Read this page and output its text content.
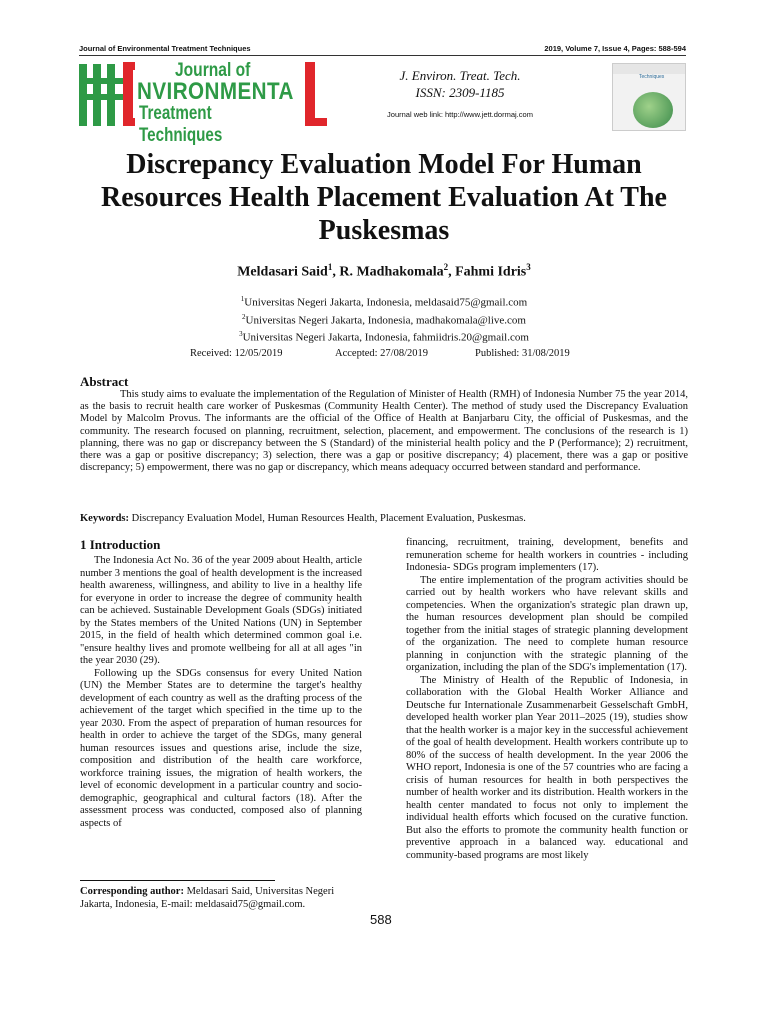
Journal of Environmental Treatment Techniques	2019, Volume 7, Issue 4, Pages: 588-594
Journal of
NVIRONMENTA
Treatment Techniques
J. Environ. Treat. Tech.
ISSN: 2309-1185
Journal web link: http://www.jett.dormaj.com
Techniques
Discrepancy Evaluation Model For Human Resources Health Placement Evaluation At The Puskesmas
Meldasari Said$^1$, R. Madhakomala$^2$, Fahmi Idris$^3$
$^1$Universitas Negeri Jakarta, Indonesia, meldasaid75@gmail.com
$^2$Universitas Negeri Jakarta, Indonesia, madhakomala@live.com
$^3$Universitas Negeri Jakarta, Indonesia, fahmiidris.20@gmail.com
Received: 12/05/2019	Accepted: 27/08/2019	Published: 31/08/2019
Abstract
This study aims to evaluate the implementation of the Regulation of Minister of Health (RMH) of Indonesia Number 75 the year 2014, as the basis to recruit health care worker of Puskesmas (Community Health Center). The method of study used the Discrepancy Evaluation Model by Malcolm Provus. The informants are the official of the Office of Health at Banjarbaru City, the official of Puskesmas, and the community. The research focused on planning, recruitment, selection, placement, and empowerment. The conclusions of the research is 1) planning, there was no gap or discrepancy between the S (Standard) of the ministerial health policy and the P (Performance); 2) recruitment, there was a gap or positive discrepancy; 3) selection, there was a gap or positive discrepancy; 4) placement, there was a gap or positive discrepancy; 5) empowerment, there was no gap or discrepancy, which means adequacy occurred between standard and performance.
Keywords: Discrepancy Evaluation Model, Human Resources Health, Placement Evaluation, Puskesmas.
1 Introduction

The Indonesia Act No. 36 of the year 2009 about Health, article number 3 mentions the goal of health development is the increased health awareness, willingness, and ability to live in a healthy life for everyone in order to increase the degree of community health can be achieved. Sustainable Development Goals (SDGs) initiated by the States members of the United Nations (UN) in September 2015, in the field of health which determined common goal i.e. "ensure healthy lives and promote wellbeing for all at all ages "in the year 2030 (29).

Following up the SDGs consensus for every United Nation (UN) the Member States are to determine the target's healthy development of each country as well as the drafting process of the achievement of the target which specified in the time up to the year 2030. From the aspect of preparation of human resources for health in order to achieve the target of the SDGs, many general human resources issues and questions arise, include the size, composition and distribution of the health care workforce, workforce training issues, the migration of health workers, the level of economic development in a particular country and socio-demographic, geographical and cultural factors (18). After the assessment process was conducted, composed also of planning aspects of

financing, recruitment, training, development, benefits and remuneration scheme for health workers in countries - including Indonesia- SDGs program implementers (17).

The entire implementation of the program activities should be carried out by health workers who have relevant skills and competencies. When the organization's strategic plan drawn up, the human resources development plan should be compiled together from the initial stages of strategic planning development of the organization. The need to complete human resource planning in conjunction with the strategic planning of the organization, including the plan of the SDG's implementation (17).

The Ministry of Health of the Republic of Indonesia, in collaboration with the Global Health Worker Alliance and Deutsche fur Internationale Zusammenarbeit Gesselschaft GmbH, developed health worker plan Year 2011–2025 (19), studies show that the health worker is a major key in the successful achievement of the goal of health development. Health workers contribute up to 80% of the success of health development. In the year 2006 the WHO report, Indonesia is one of the 57 countries who are facing a crisis of human resources for health in both perspectives the number of health worker and its distribution. Health workers in the health center mandated to focus not only to implement the individual health efforts which focused on the curative function. But also the efforts to promote the community health function or preventive approach in a balanced way. educational and community-based programs are most likely

Corresponding author: Meldasari Said, Universitas Negeri Jakarta, Indonesia, E-mail: meldasaid75@gmail.com.
588
